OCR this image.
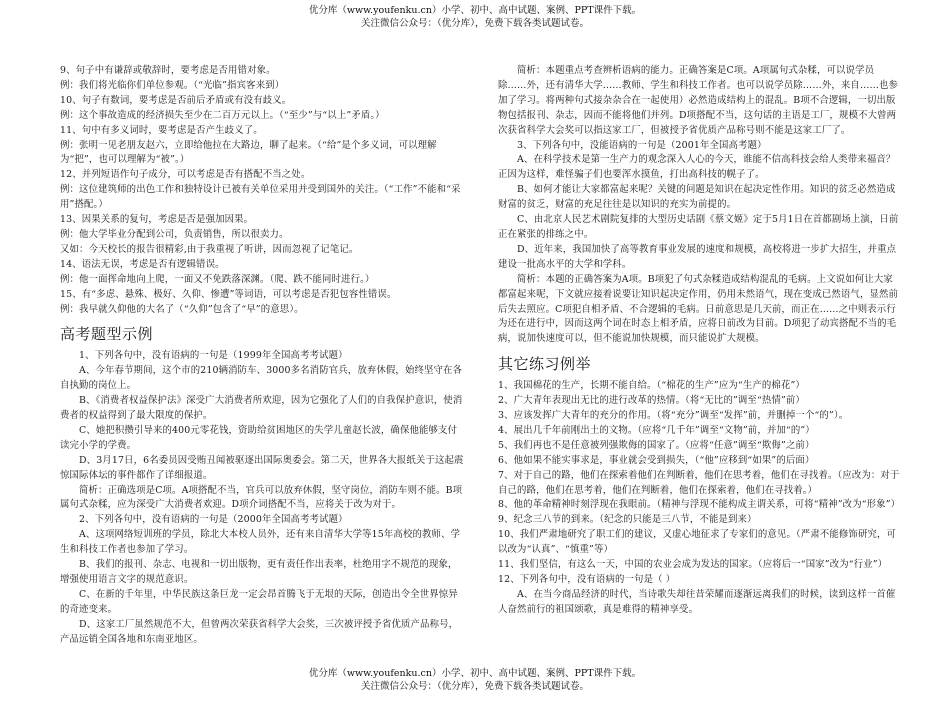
优分库（www.youfenku.cn）小学、初中、高中试题、案例、PPT课件下载。
关注微信公众号：（优分库），免费下载各类试题试卷。

9、句子中有谦辞或敬辞时，要考虑是否用错对象。

例：我们将光临你们单位参观。（“光临”指宾客来到）

10、句子有数词，要考虑是否前后矛盾或有没有歧义。

例：这个事故造成的经济损失至少在二百万元以上。（“至少”与“以上”矛盾。）

11、句中有多义词时，要考虑是否产生歧义了。

例：张明一见老朋友赵六，立即给他拉在大路边，聊了起来。（“给”是个多义词，可以理解为“把”，也可以理解为“被”。）

12、并列短语作句子成分，可以考虑是否有搭配不当之处。

例：这位建筑师的出色工作和独特设计已被有关单位采用并受到国外的关注。（“工作”不能和“采用”搭配。）

13、因果关系的复句，考虑是否是强加因果。

例：他大学毕业分配到公司，负责销售，所以很卖力。

又如：今天校长的报告很精彩,由于我重视了听讲，因而忽视了记笔记。

14、语法无误，考虑是否有逻辑错误。

例：他一面挥命地向上爬，一面又不免跌落深渊。（爬、跌不能同时进行。）

15、有“多虑、悬殊、极好、久仰、惨遭”等词语，可以考虑是否犯包容性错误。

例：我早就久仰他的大名了（“久仰”包含了“早”的意思）。

高考题型示例

1、下列各句中，没有语病的一句是（1999年全国高考考试题）

A、今年春节期间，这个市的210辆消防车、3000多名消防官兵，放弃休假，始终坚守在各自执勤的岗位上。

B、《消费者权益保护法》深受广大消费者所欢迎，因为它强化了人们的自我保护意识，使消费者的权益得到了最大限度的保护。

C、她把积攒引导来的400元零花钱，资助给贫困地区的失学儿童赵长波，确保他能够支付读完小学的学费。

D、3月17日，6名委员因受贿丑闻被驱逐出国际奥委会。第二天，世界各大报纸关于这起震惊国际体坛的事件都作了详细报道。

简析：正确选项是C项。A项搭配不当，官兵可以放弃休假，坚守岗位，消防车则不能。B项属句式杂糅，应为深受广大消费者欢迎。D项介词搭配不当，应将关于改为对于。

2、下列各句中，没有语病的一句是（2000年全国高考考试题）

A、这项网络短训班的学员，除北大本校人员外，还有来自清华大学等15年高校的教师、学生和科技工作者也参加了学习。

B、我们的报刊、杂志、电视和一切出版物，更有责任作出表率，杜绝用字不规范的现象，增强使用语言文字的规范意识。

C、在新的千年里，中华民族这条巨龙一定会昂首腾飞于无垠的天际，创造出令全世界惊异的奇迹变来。

D、这家工厂虽然规范不大，但曾两次荣获省科学大会奖，三次被评授予省优质产品称号，产品远销全国各地和东南亚地区。

简析：本题重点考查辨析语病的能力。正确答案是C项。A项属句式杂糅，可以说学员除……外，还有清华大学……教师、学生和科技工作者。也可以说学员除……外，来自……也参加了学习。将两种句式接杂杂合在一起使用）必然造成结构上的混乱。B项不合逻辑，一切出版物包括报刊、杂志，因而不能将他们并列。D项搭配不当，这句话的主语是工厂，规模不大曾两次获省科学大会奖可以指这家工厂，但被授予省优质产品称号则不能是这家工厂了。

3、下列各句中，没能语病的一句是（2001年全国高考题）

A、在科学技术是第一生产力的观念深入人心的今天，谁能不信高科技会给人类带来福音？正因为这样，难怪骗子们也要浑水摸鱼，打出高科技的幌子了。

B、如何才能让大家都富起来呢？关键的问题是知识在起决定性作用。知识的贫乏必然造成财富的贫乏，财富的充足往往是以知识的充实为前提的。

C、由北京人民艺术剧院复排的大型历史话剧《蔡文姬》定于5月1日在首都剧场上演，日前正在紧张的排练之中。

D、近年来，我国加快了高等教育事业发展的速度和规模，高校将进一步扩大招生，并重点建设一批高水平的大学和学科。

简析：本题的正确答案为A项。B项犯了句式杂糅造成结构混乱的毛病。上文说如何让大家都富起来呢，下文就应接着说要让知识起决定作用，仍用未然语气，现在变成已然语气，显然前后失去照应。C项犯自相矛盾、不合逻辑的毛病。日前意思是几天前，而正在……之中则表示行为还在进行中，因而这两个词在时态上相矛盾，应将日前改为目前。D项犯了动宾搭配不当的毛病，说加快速度可以，但不能说加快规模，而只能说扩大规模。

其它练习例举

1、我国棉花的生产，长期不能自给。（“棉花的生产”应为“生产的棉花”）

2、广大青年表现出无比的进行改革的热情。（将“无比的”调至“热情”前）

3、应该发挥广大青年的充分的作用。（将“充分”调至“发挥”前，并删掉一个“的”）。

4、展出几千年前刚出土的文物。（应将“几千年”调至“文物”前，并加“的”）

5、我们再也不是任意被列强欺侮的国家了。（应将“任意”调至“欺侮”之前）

6、他如果不能实事求是，事业就会受到损失，（“他”应移到“如果”的后面）

7、对于自己的路，他们在探索着他们在判断着，他们在思考着，他们在寻找着。（应改为：对于自己的路，他们在思考着，他们在判断着，他们在探索着，他们在寻找着。）

8、他的革命精神时刻浮现在我眼前。（精神与浮现不能构成主谓关系，可将“精神”改为“形象”）

9、纪念三八节的到来。（纪念的只能是三八节，不能是到来）

10、我们严肃地研究了职工们的建议，又虚心地征求了专家们的意见。（严肃不能修饰研究，可以改为“认真”、“慎重”等）

11、我们坚信，有这么一天，中国的农业会成为发达的国家。（应将后一“国家”改为“行业”）

12、下列各句中，没有语病的一句是（ ）

A、在当今商品经济的时代，当诗歌失却往昔荣耀而逐渐远离我们的时候，读到这样一首催人奋然前行的祖国颂歌，真是难得的精神享受。

优分库（www.youfenku.cn）小学、初中、高中试题、案例、PPT课件下载。
关注微信公众号：（优分库），免费下载各类试题试卷。
